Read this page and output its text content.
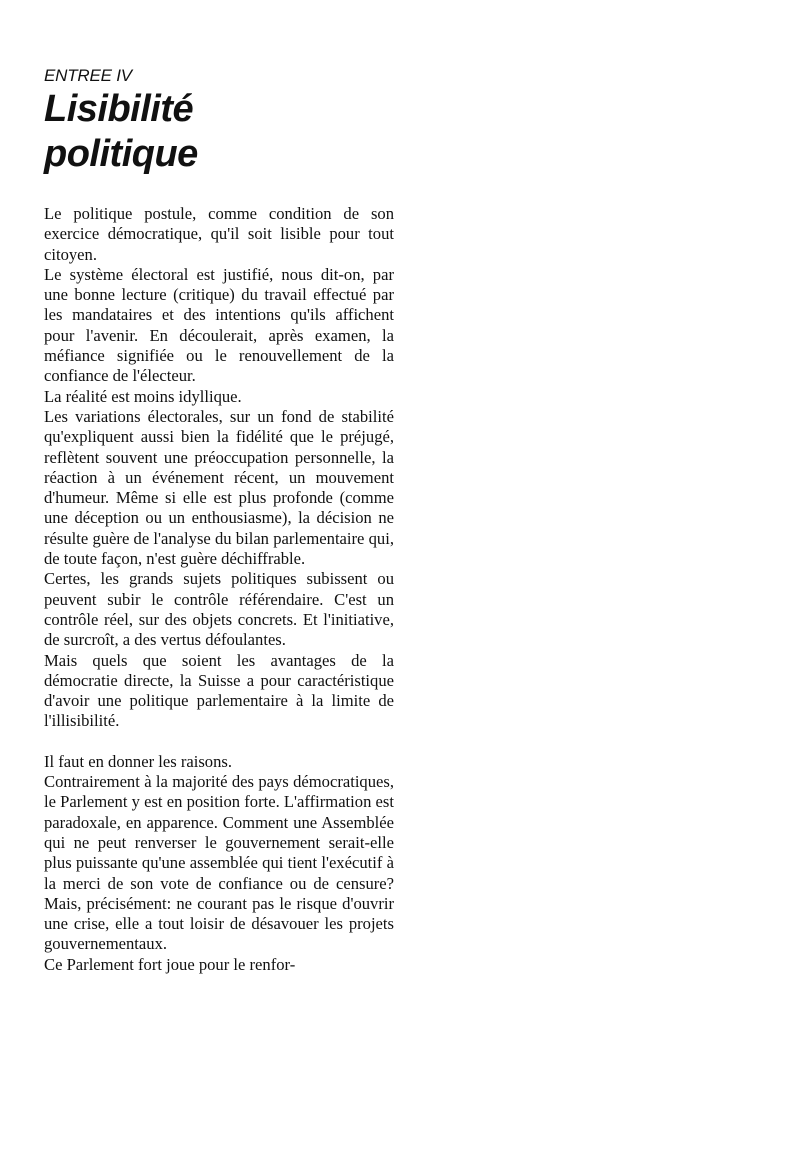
ENTREE IV

Lisibilité
politique

Le politique postule, comme condition de son exercice démocratique, qu'il soit lisible pour tout citoyen.

Le système électoral est justifié, nous dit-on, par une bonne lecture (critique) du travail effectué par les mandataires et des intentions qu'ils affichent pour l'avenir. En découlerait, après examen, la méfiance signifiée ou le renouvellement de la confiance de l'électeur.

La réalité est moins idyllique.

Les variations électorales, sur un fond de stabilité qu'expliquent aussi bien la fidélité que le préjugé, reflètent souvent une préoccupation personnelle, la réaction à un événement récent, un mouvement d'humeur. Même si elle est plus profonde (comme une déception ou un enthousiasme), la décision ne résulte guère de l'analyse du bilan parlementaire qui, de toute façon, n'est guère déchiffrable.

Certes, les grands sujets politiques subissent ou peuvent subir le contrôle référendaire. C'est un contrôle réel, sur des objets concrets. Et l'initiative, de surcroît, a des vertus défoulantes.

Mais quels que soient les avantages de la démocratie directe, la Suisse a pour caractéristique d'avoir une politique parlementaire à la limite de l'illisibilité.

Il faut en donner les raisons.

Contrairement à la majorité des pays démocratiques, le Parlement y est en position forte. L'affirmation est paradoxale, en apparence. Comment une Assemblée qui ne peut renverser le gouvernement serait-elle plus puissante qu'une assemblée qui tient l'exécutif à la merci de son vote de confiance ou de censure? Mais, précisément: ne courant pas le risque d'ouvrir une crise, elle a tout loisir de désavouer les projets gouvernementaux.

Ce Parlement fort joue pour le renfor-
